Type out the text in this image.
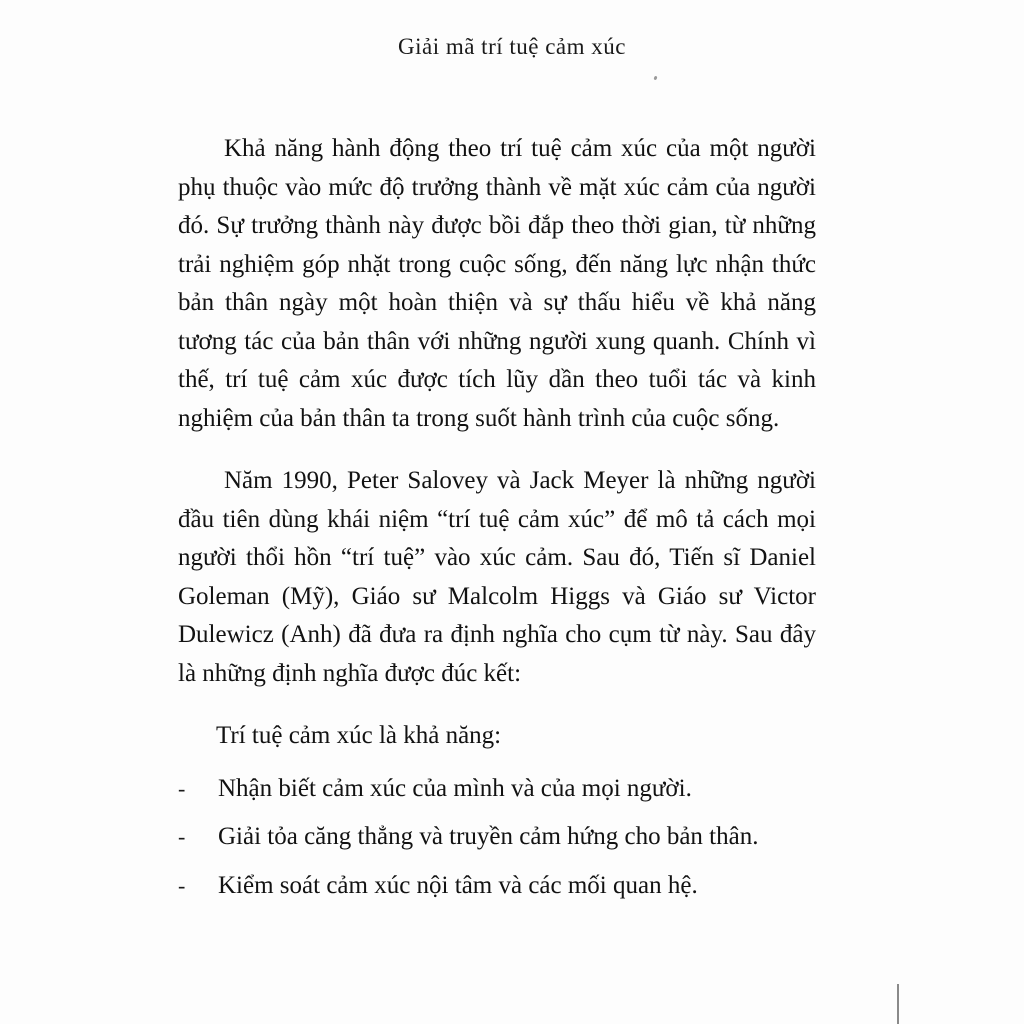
Giải mã trí tuệ cảm xúc

Khả năng hành động theo trí tuệ cảm xúc của một người phụ thuộc vào mức độ trưởng thành về mặt xúc cảm của người đó. Sự trưởng thành này được bồi đắp theo thời gian, từ những trải nghiệm góp nhặt trong cuộc sống, đến năng lực nhận thức bản thân ngày một hoàn thiện và sự thấu hiểu về khả năng tương tác của bản thân với những người xung quanh. Chính vì thế, trí tuệ cảm xúc được tích lũy dần theo tuổi tác và kinh nghiệm của bản thân ta trong suốt hành trình của cuộc sống.

Năm 1990, Peter Salovey và Jack Meyer là những người đầu tiên dùng khái niệm “trí tuệ cảm xúc” để mô tả cách mọi người thổi hồn “trí tuệ” vào xúc cảm. Sau đó, Tiến sĩ Daniel Goleman (Mỹ), Giáo sư Malcolm Higgs và Giáo sư Victor Dulewicz (Anh) đã đưa ra định nghĩa cho cụm từ này. Sau đây là những định nghĩa được đúc kết:

Trí tuệ cảm xúc là khả năng:

-	Nhận biết cảm xúc của mình và của mọi người.
-	Giải tỏa căng thẳng và truyền cảm hứng cho bản thân.
-	Kiểm soát cảm xúc nội tâm và các mối quan hệ.
